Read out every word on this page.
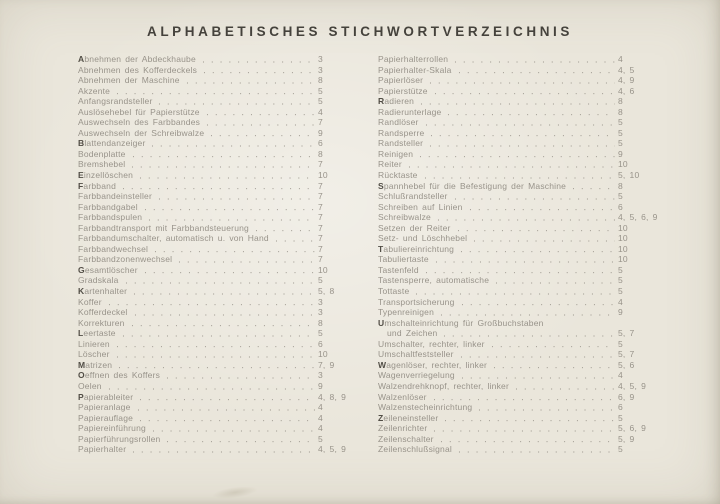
ALPHABETISCHES STICHWORTVERZEICHNIS
Abnehmen der Abdeckhaube	3
Abnehmen des Kofferdeckels	3
Abnehmen der Maschine	8
Akzente	5
Anfangsrandsteller	5
Auslösehebel für Papierstütze	4
Auswechseln des Farbbandes	7
Auswechseln der Schreibwalze	9
Blattendanzeiger	6
Bodenplatte	8
Bremshebel	7
Einzellöschen	10
Farbband	7
Farbbandeinsteller	7
Farbbandgabel	7
Farbbandspulen	7
Farbbandtransport mit Farbbandsteuerung	7
Farbbandumschalter, automatisch u. von Hand	7
Farbbandwechsel	7
Farbbandzonenwechsel	7
Gesamtlöscher	10
Gradskala	5
Kartenhalter	5, 8
Koffer	3
Kofferdeckel	3
Korrekturen	8
Leertaste	5
Linieren	6
Löscher	10
Matrizen	7, 9
Oeffnen des Koffers	3
Oelen	9
Papierableiter	4, 8, 9
Papieranlage	4
Papierauflage	4
Papiereinführung	4
Papierführungsrollen	5
Papierhalter	4, 5, 9
Papierhalterrollen	4
Papierhalter-Skala	4, 5
Papierlöser	4, 9
Papierstütze	4, 6
Radieren	8
Radierunterlage	8
Randlöser	5
Randsperre	5
Randsteller	5
Reinigen	9
Reiter	10
Rücktaste	5, 10
Spannhebel für die Befestigung der Maschine	8
Schlußrandsteller	5
Schreiben auf Linien	6
Schreibwalze	4, 5, 6, 9
Setzen der Reiter	10
Setz- und Löschhebel	10
Tabuliereinrichtung	10
Tabuliertaste	10
Tastenfeld	5
Tastensperre, automatische	5
Tottaste	5
Transportsicherung	4
Typenreinigen	9
Umschalteinrichtung für Großbuchstaben
und Zeichen	5, 7
Umschalter, rechter, linker	5
Umschaltfeststeller	5, 7
Wagenlöser, rechter, linker	5, 6
Wagenverriegelung	4
Walzendrehknopf, rechter, linker	4, 5, 9
Walzenlöser	6, 9
Walzenstecheinrichtung	6
Zeileneinsteller	5
Zeilenrichter	5, 6, 9
Zeilenschalter	5, 9
Zeilenschlußsignal	5
